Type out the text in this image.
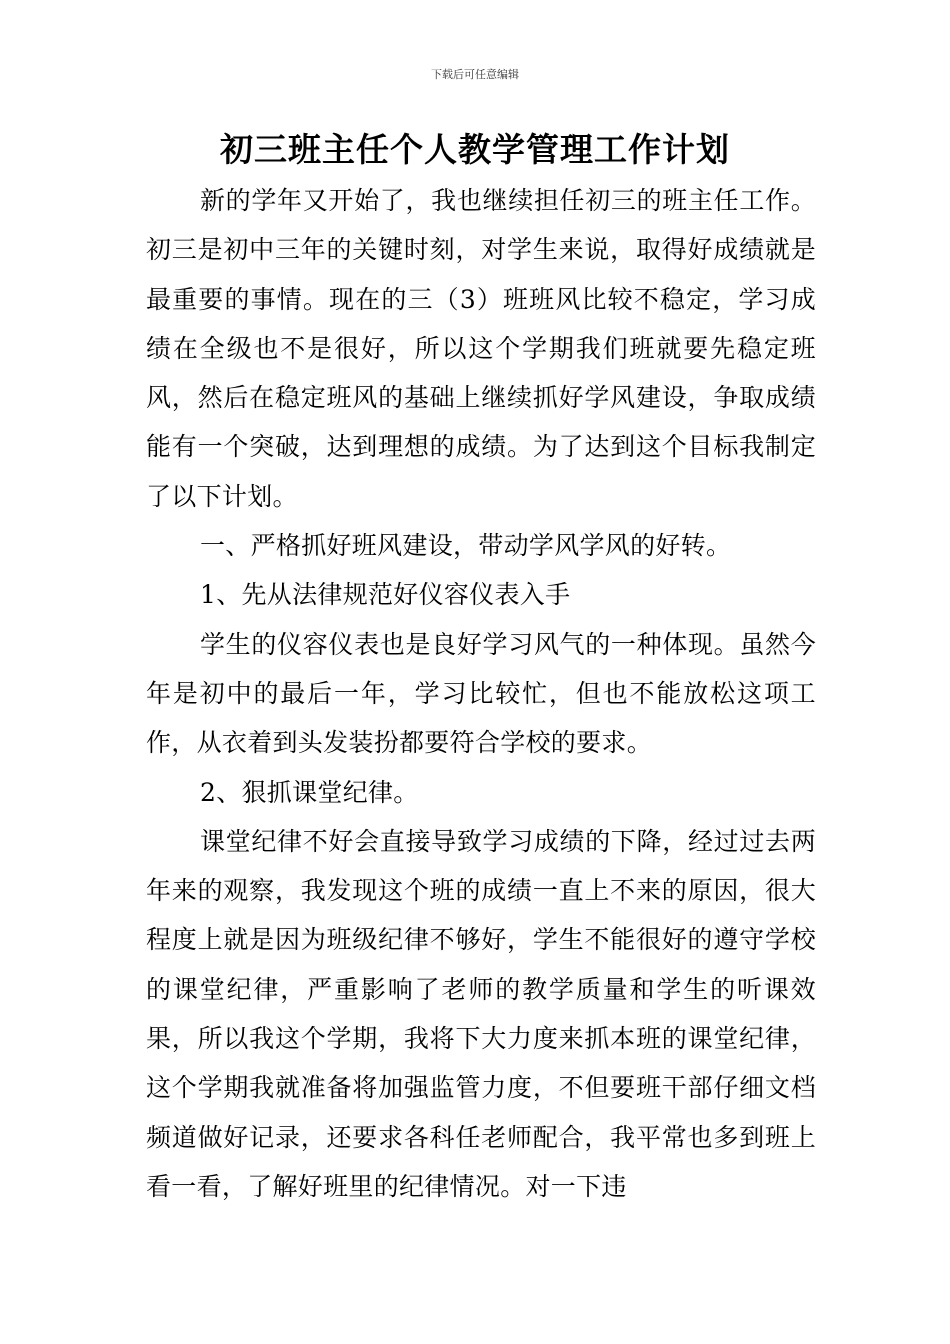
下载后可任意编辑
初三班主任个人教学管理工作计划

新的学年又开始了，我也继续担任初三的班主任工作。初三是初中三年的关键时刻，对学生来说，取得好成绩就是最重要的事情。现在的三（3）班班风比较不稳定，学习成绩在全级也不是很好，所以这个学期我们班就要先稳定班风，然后在稳定班风的基础上继续抓好学风建设，争取成绩能有一个突破，达到理想的成绩。为了达到这个目标我制定了以下计划。

一、严格抓好班风建设，带动学风学风的好转。

1、先从法律规范好仪容仪表入手

学生的仪容仪表也是良好学习风气的一种体现。虽然今年是初中的最后一年，学习比较忙，但也不能放松这项工作，从衣着到头发装扮都要符合学校的要求。

2、狠抓课堂纪律。

课堂纪律不好会直接导致学习成绩的下降，经过过去两年来的观察，我发现这个班的成绩一直上不来的原因，很大程度上就是因为班级纪律不够好，学生不能很好的遵守学校的课堂纪律，严重影响了老师的教学质量和学生的听课效果，所以我这个学期，我将下大力度来抓本班的课堂纪律，这个学期我就准备将加强监管力度，不但要班干部仔细文档频道做好记录，还要求各科任老师配合，我平常也多到班上看一看，了解好班里的纪律情况。对一下违
